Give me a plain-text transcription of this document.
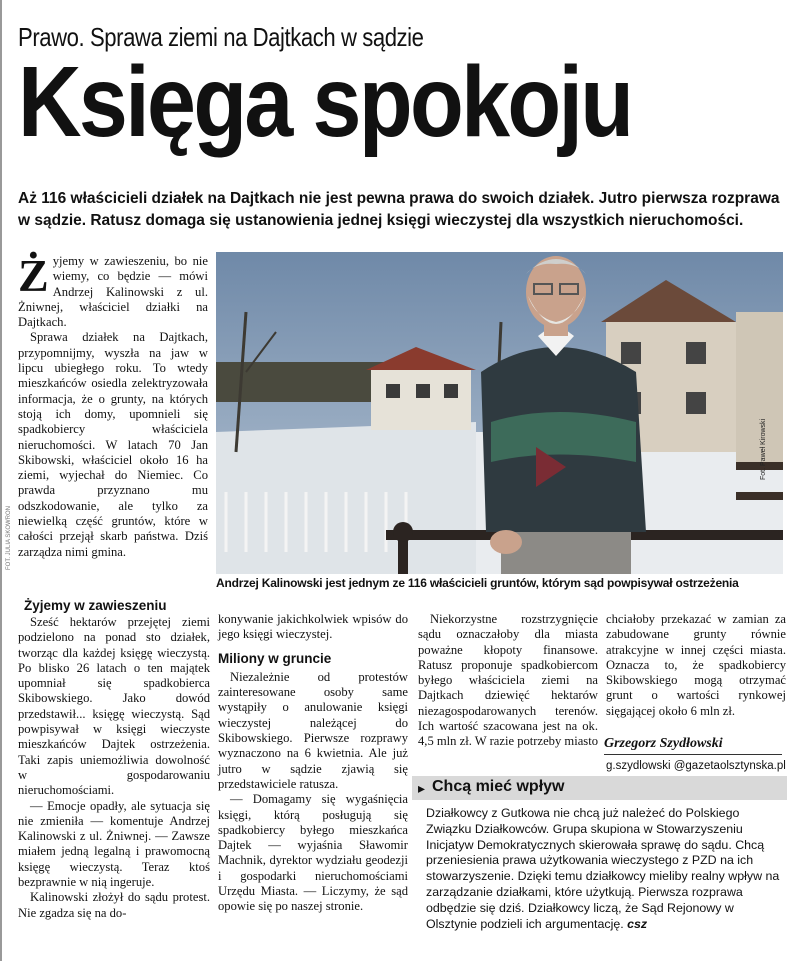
Prawo. Sprawa ziemi na Dajtkach w sądzie
Księga spokoju

Aż 116 właścicieli działek na Dajtkach nie jest pewna prawa do swoich działek. Jutro pierwsza rozprawa w sądzie. Ratusz domaga się ustanowienia jednej księgi wieczystej dla wszystkich nieruchomości.

Fot. Paweł Kirowski
FOT. JULIA SKOWRON
Andrzej Kalinowski jest jednym ze 116 właścicieli gruntów, którym sąd powpisywał ostrzeżenia
Ż yjemy w zawieszeniu, bo nie wiemy, co będzie — mówi Andrzej Kalinowski z ul. Żniwnej, właściciel działki na Dajtkach.

Sprawa działek na Dajtkach, przypomnijmy, wyszła na jaw w lipcu ubiegłego roku. To wtedy mieszkańców osiedla zelektryzowała informacja, że o grunty, na których stoją ich domy, upomnieli się spadkobiercy właściciela nieruchomości. W latach 70 Jan Skibowski, właściciel około 16 ha ziemi, wyjechał do Niemiec. Co prawda przyznano mu odszkodowanie, ale tylko za niewielką część gruntów, które w całości przejął skarb państwa. Dziś zarządza nimi gmina.

Żyjemy w zawieszeniu

Sześć hektarów przejętej ziemi podzielono na ponad sto działek, tworząc dla każdej księgę wieczystą. Po blisko 26 latach o ten majątek upomniał się spadkobierca Skibowskiego. Jako dowód przedstawił... księgę wieczystą. Sąd powpisywał w księgi wieczyste mieszkańców Dajtek ostrzeżenia. Taki zapis uniemożliwia dowolność w gospodarowaniu nieruchomościami.

— Emocje opadły, ale sytuacja się nie zmieniła — komentuje Andrzej Kalinowski z ul. Żniwnej. — Zawsze miałem jedną legalną i prawomocną księgę wieczystą. Teraz ktoś bezprawnie w nią ingeruje.

Kalinowski złożył do sądu protest. Nie zgadza się na do-

konywanie jakichkolwiek wpisów do jego księgi wieczystej.

Miliony w gruncie

Niezależnie od protestów zainteresowane osoby same wystąpiły o anulowanie księgi wieczystej należącej do Skibowskiego. Pierwsze rozprawy wyznaczono na 6 kwietnia. Ale już jutro w sądzie zjawią się przedstawiciele ratusza.

— Domagamy się wygaśnięcia księgi, którą posługują się spadkobiercy byłego mieszkańca Dajtek — wyjaśnia Sławomir Machnik, dyrektor wydziału geodezji i gospodarki nieruchomościami Urzędu Miasta. — Liczymy, że sąd opowie się po naszej stronie.

Niekorzystne rozstrzygnięcie sądu oznaczałoby dla miasta poważne kłopoty finansowe. Ratusz proponuje spadkobiercom byłego właściciela ziemi na Dajtkach dziewięć hektarów niezagospodarowanych terenów. Ich wartość szacowana jest na ok. 4,5 mln zł. W razie potrzeby miasto

chciałoby przekazać w zamian za zabudowane grunty równie atrakcyjne w innej części miasta. Oznacza to, że spadkobiercy Skibowskiego mogą otrzymać grunt o wartości rynkowej sięgającej około 6 mln zł.

Grzegorz Szydłowski
g.szydlowski @gazetaolsztynska.pl
▸ Chcą mieć wpływ

Działkowcy z Gutkowa nie chcą już należeć do Polskiego Związku Działkowców. Grupa skupiona w Stowarzyszeniu Inicjatyw Demokratycznych skierowała sprawę do sądu. Chcą przeniesienia prawa użytkowania wieczystego z PZD na ich stowarzyszenie. Dzięki temu działkowcy mieliby realny wpływ na zarządzanie działkami, które użytkują. Pierwsza rozprawa odbędzie się dziś. Działkowcy liczą, że Sąd Rejonowy w Olsztynie podzieli ich argumentację. csz
